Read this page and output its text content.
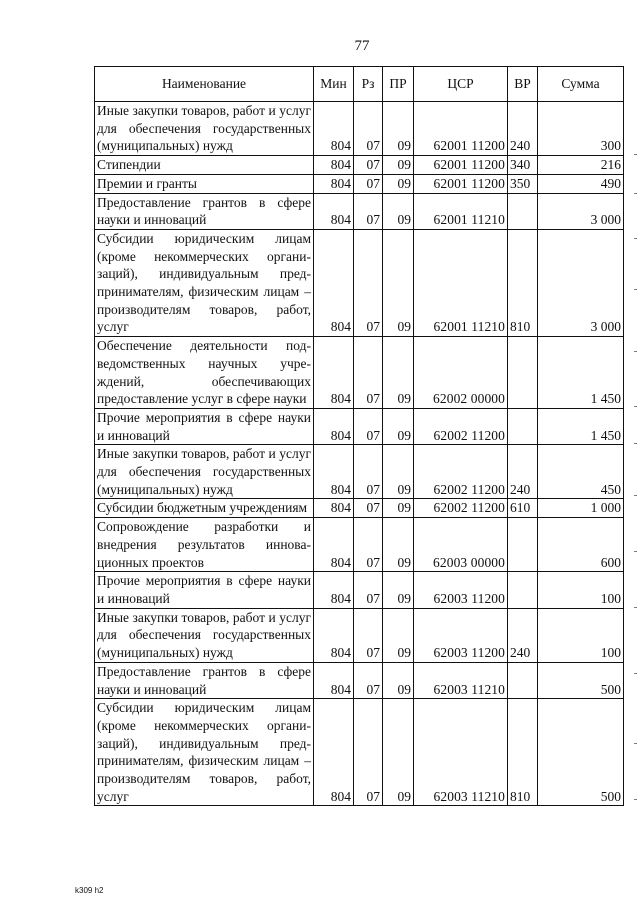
77
Наименование	Мин	Рз	ПР	ЦСР	ВР	Сумма
Иные закупки товаров, работ и услуг для обеспечения государственных (муниципальных) нужд	804	07	09	62001 11200	240	300
Стипендии	804	07	09	62001 11200	340	216
Премии и гранты	804	07	09	62001 11200	350	490
Предоставление грантов в сфере науки и инноваций	804	07	09	62001 11210		3 000
Субсидии юридическим лицам (кроме некоммерческих организаций), индивидуальным предпринимателям, физическим лицам – производителям товаров, работ, услуг	804	07	09	62001 11210	810	3 000
Обеспечение деятельности подведомственных научных учреждений, обеспечивающих предоставление услуг в сфере науки	804	07	09	62002 00000		1 450
Прочие мероприятия в сфере науки и инноваций	804	07	09	62002 11200		1 450
Иные закупки товаров, работ и услуг для обеспечения государственных (муниципальных) нужд	804	07	09	62002 11200	240	450
Субсидии бюджетным учреждениям	804	07	09	62002 11200	610	1 000
Сопровождение разработки и внедрения результатов инновационных проектов	804	07	09	62003 00000		600
Прочие мероприятия в сфере науки и инноваций	804	07	09	62003 11200		100
Иные закупки товаров, работ и услуг для обеспечения государственных (муниципальных) нужд	804	07	09	62003 11200	240	100
Предоставление грантов в сфере науки и инноваций	804	07	09	62003 11210		500
Субсидии юридическим лицам (кроме некоммерческих организаций), индивидуальным предпринимателям, физическим лицам – производителям товаров, работ, услуг	804	07	09	62003 11210	810	500
k309 h2
